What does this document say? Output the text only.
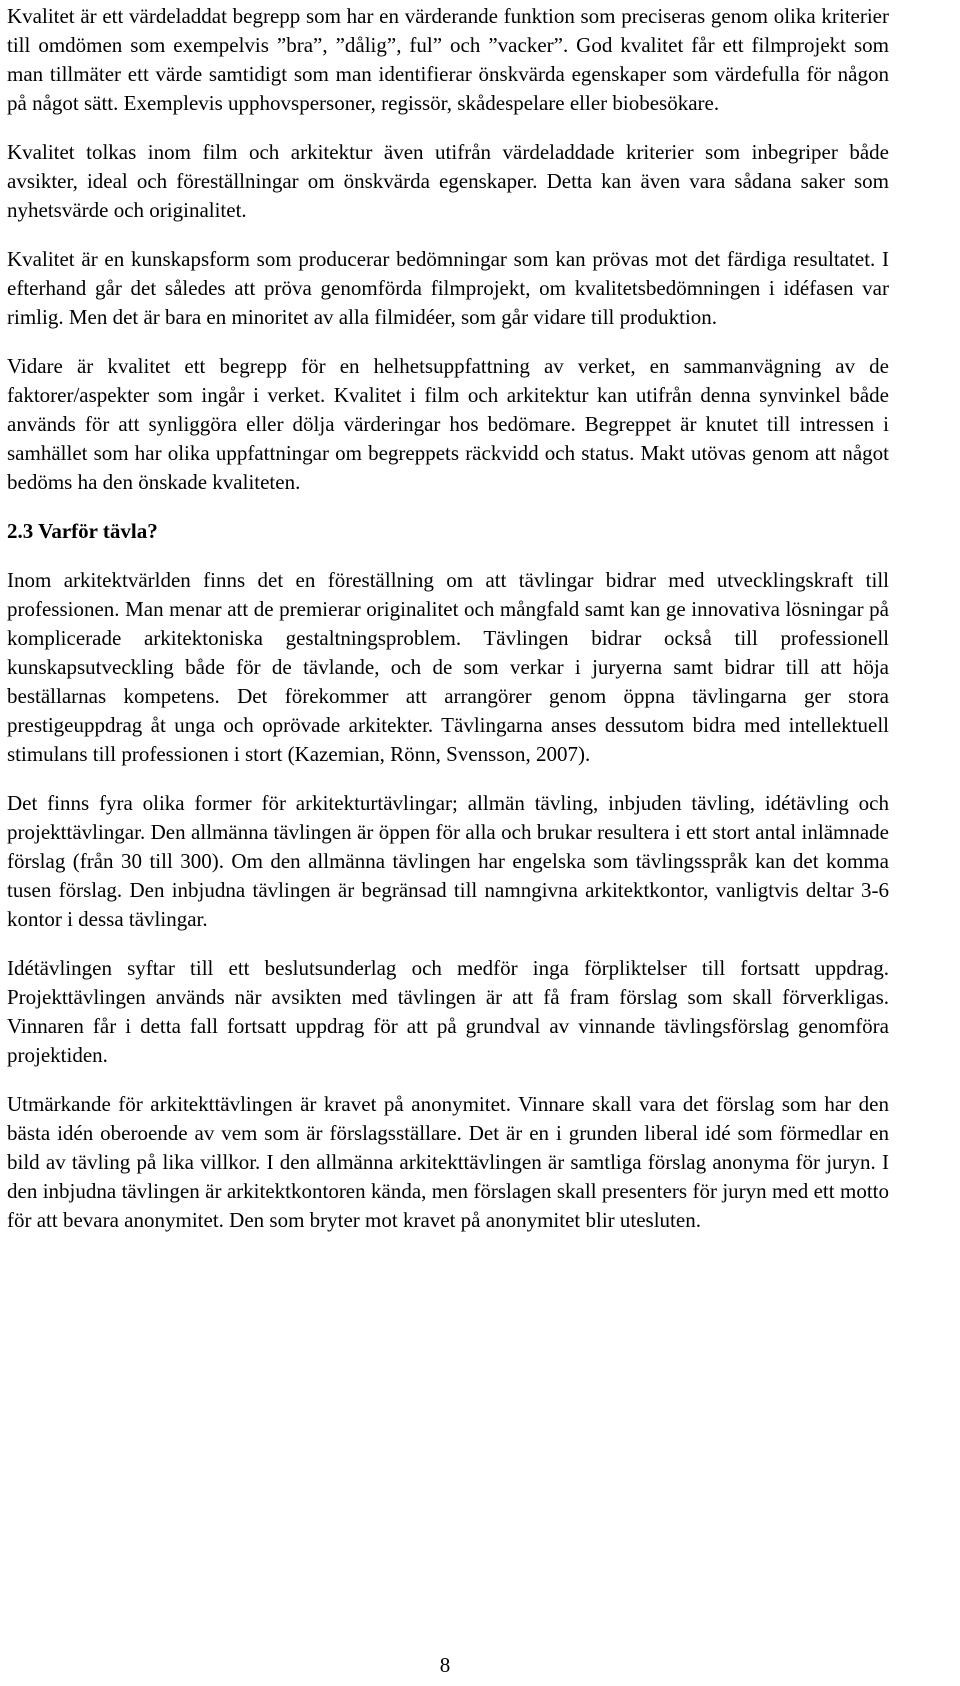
Kvalitet är ett värdeladdat begrepp som har en värderande funktion som preciseras genom olika kriterier till omdömen som exempelvis ”bra”, ”dålig”, ful” och ”vacker”. God kvalitet får ett filmprojekt som man tillmäter ett värde samtidigt som man identifierar önskvärda egenskaper som värdefulla för någon på något sätt. Exemplevis upphovspersoner, regissör, skådespelare eller biobesökare.

Kvalitet tolkas inom film och arkitektur även utifrån värdeladdade kriterier som inbegriper både avsikter, ideal och föreställningar om önskvärda egenskaper. Detta kan även vara sådana saker som nyhetsvärde och originalitet.

Kvalitet är en kunskapsform som producerar bedömningar som kan prövas mot det färdiga resultatet. I efterhand går det således att pröva genomförda filmprojekt, om kvalitetsbedömningen i idéfasen var rimlig. Men det är bara en minoritet av alla filmidéer, som går vidare till produktion.

Vidare är kvalitet ett begrepp för en helhetsuppfattning av verket, en sammanvägning av de faktorer/aspekter som ingår i verket. Kvalitet i film och arkitektur kan utifrån denna synvinkel både används för att synliggöra eller dölja värderingar hos bedömare. Begreppet är knutet till intressen i samhället som har olika uppfattningar om begreppets räckvidd och status. Makt utövas genom att något bedöms ha den önskade kvaliteten.

2.3 Varför tävla?

Inom arkitektvärlden finns det en föreställning om att tävlingar bidrar med utvecklingskraft till professionen. Man menar att de premierar originalitet och mångfald samt kan ge innovativa lösningar på komplicerade arkitektoniska gestaltningsproblem. Tävlingen bidrar också till professionell kunskapsutveckling både för de tävlande, och de som verkar i juryerna samt bidrar till att höja beställarnas kompetens. Det förekommer att arrangörer genom öppna tävlingarna ger stora prestigeuppdrag åt unga och oprövade arkitekter. Tävlingarna anses dessutom bidra med intellektuell stimulans till professionen i stort (Kazemian, Rönn, Svensson, 2007).

Det finns fyra olika former för arkitekturtävlingar; allmän tävling, inbjuden tävling, idétävling och projekttävlingar. Den allmänna tävlingen är öppen för alla och brukar resultera i ett stort antal inlämnade förslag (från 30 till 300). Om den allmänna tävlingen har engelska som tävlingsspråk kan det komma tusen förslag. Den inbjudna tävlingen är begränsad till namngivna arkitektkontor, vanligtvis deltar 3-6 kontor i dessa tävlingar.

Idétävlingen syftar till ett beslutsunderlag och medför inga förpliktelser till fortsatt uppdrag. Projekttävlingen används när avsikten med tävlingen är att få fram förslag som skall förverkligas. Vinnaren får i detta fall fortsatt uppdrag för att på grundval av vinnande tävlingsförslag genomföra projektiden.

Utmärkande för arkitekttävlingen är kravet på anonymitet. Vinnare skall vara det förslag som har den bästa idén oberoende av vem som är förslagsställare. Det är en i grunden liberal idé som förmedlar en bild av tävling på lika villkor. I den allmänna arkitekttävlingen är samtliga förslag anonyma för juryn. I den inbjudna tävlingen är arkitektkontoren kända, men förslagen skall presenters för juryn med ett motto för att bevara anonymitet. Den som bryter mot kravet på anonymitet blir utesluten.

8
